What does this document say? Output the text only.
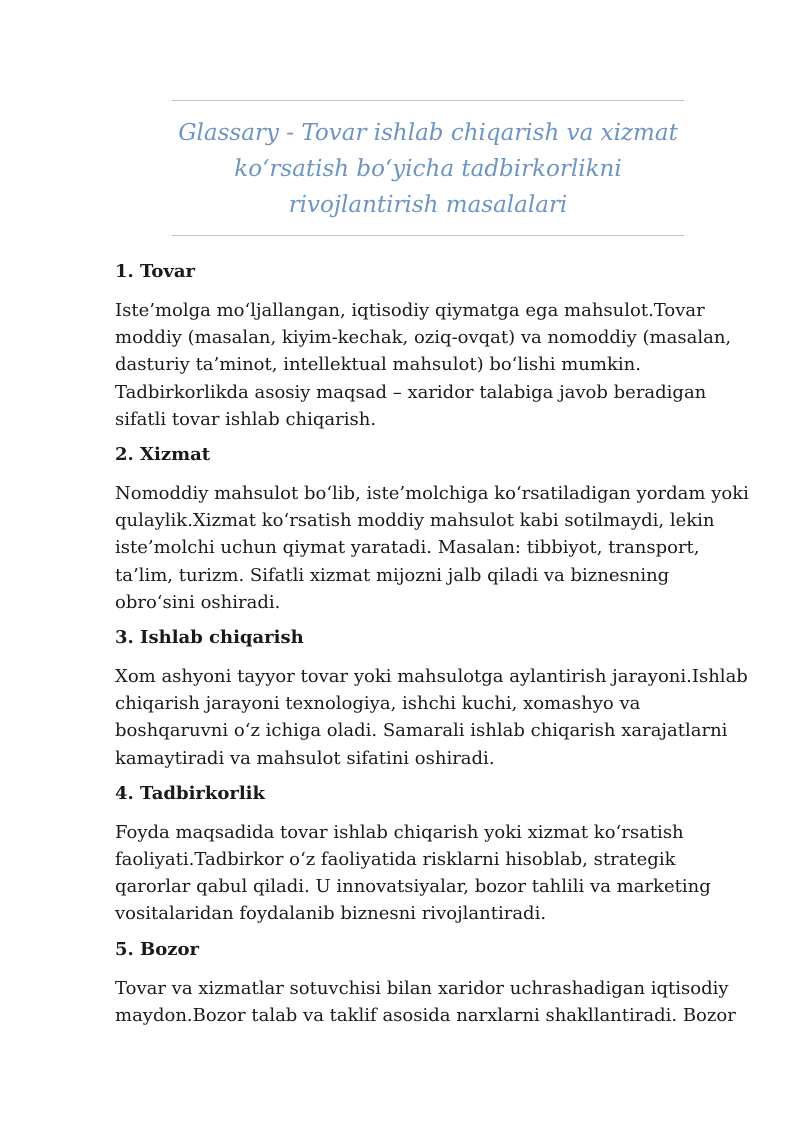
Glassary - Tovar ishlab chiqarish va xizmat
ko‘rsatish bo‘yicha tadbirkorlikni
rivojlantirish masalalari
1. Tovar
Iste’molga mo‘ljallangan, iqtisodiy qiymatga ega mahsulot.Tovar
moddiy (masalan, kiyim-kechak, oziq-ovqat) va nomoddiy (masalan,
dasturiy ta’minot, intellektual mahsulot) bo‘lishi mumkin.
Tadbirkorlikda asosiy maqsad – xaridor talabiga javob beradigan
sifatli tovar ishlab chiqarish.
2. Xizmat
Nomoddiy mahsulot bo‘lib, iste’molchiga ko‘rsatiladigan yordam yoki
qulaylik.Xizmat ko‘rsatish moddiy mahsulot kabi sotilmaydi, lekin
iste’molchi uchun qiymat yaratadi. Masalan: tibbiyot, transport,
ta’lim, turizm. Sifatli xizmat mijozni jalb qiladi va biznesning
obro‘sini oshiradi.
3. Ishlab chiqarish
Xom ashyoni tayyor tovar yoki mahsulotga aylantirish jarayoni.Ishlab
chiqarish jarayoni texnologiya, ishchi kuchi, xomashyo va
boshqaruvni o‘z ichiga oladi. Samarali ishlab chiqarish xarajatlarni
kamaytiradi va mahsulot sifatini oshiradi.
4. Tadbirkorlik
Foyda maqsadida tovar ishlab chiqarish yoki xizmat ko‘rsatish
faoliyati.Tadbirkor o‘z faoliyatida risklarni hisoblab, strategik
qarorlar qabul qiladi. U innovatsiyalar, bozor tahlili va marketing
vositalaridan foydalanib biznesni rivojlantiradi.
5. Bozor
Tovar va xizmatlar sotuvchisi bilan xaridor uchrashadigan iqtisodiy
maydon.Bozor talab va taklif asosida narxlarni shakllantiradi. Bozor
